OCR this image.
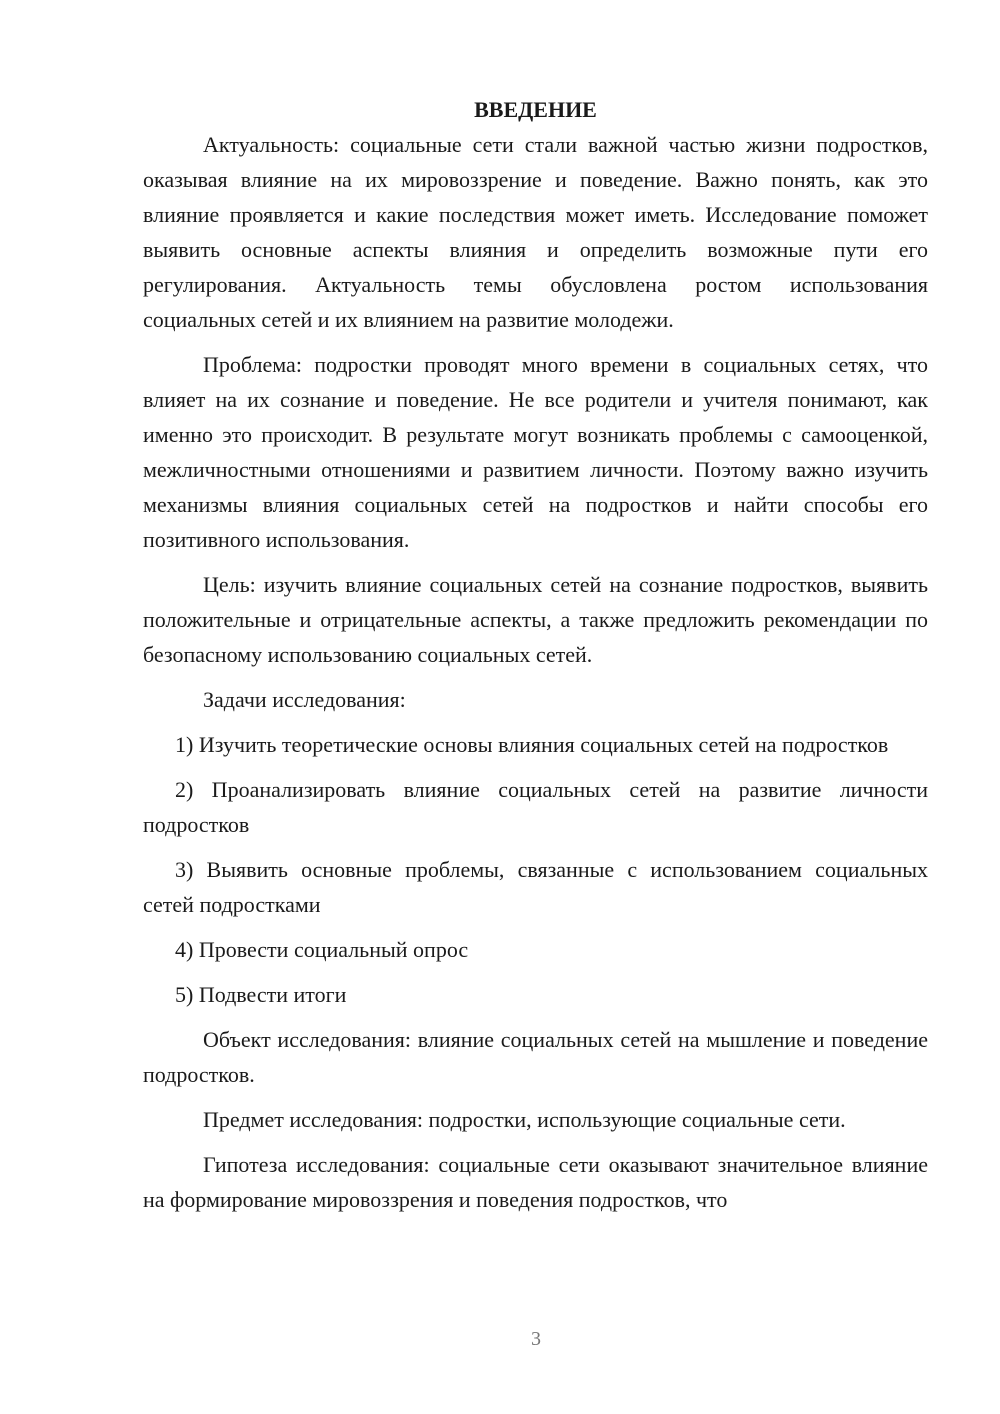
ВВЕДЕНИЕ

Актуальность: социальные сети стали важной частью жизни подростков, оказывая влияние на их мировоззрение и поведение. Важно понять, как это влияние проявляется и какие последствия может иметь. Исследование поможет выявить основные аспекты влияния и определить возможные пути его регулирования. Актуальность темы обусловлена ростом использования социальных сетей и их влиянием на развитие молодежи.

Проблема: подростки проводят много времени в социальных сетях, что влияет на их сознание и поведение. Не все родители и учителя понимают, как именно это происходит. В результате могут возникать проблемы с самооценкой, межличностными отношениями и развитием личности. Поэтому важно изучить механизмы влияния социальных сетей на подростков и найти способы его позитивного использования.

Цель: изучить влияние социальных сетей на сознание подростков, выявить положительные и отрицательные аспекты, а также предложить рекомендации по безопасному использованию социальных сетей.

Задачи исследования:

1) Изучить теоретические основы влияния социальных сетей на подростков

2) Проанализировать влияние социальных сетей на развитие личности подростков

3) Выявить основные проблемы, связанные с использованием социальных сетей подростками

4) Провести социальный опрос

5) Подвести итоги

Объект исследования: влияние социальных сетей на мышление и поведение подростков.

Предмет исследования: подростки, использующие социальные сети.

Гипотеза исследования: социальные сети оказывают значительное влияние на формирование мировоззрения и поведения подростков, что

3
